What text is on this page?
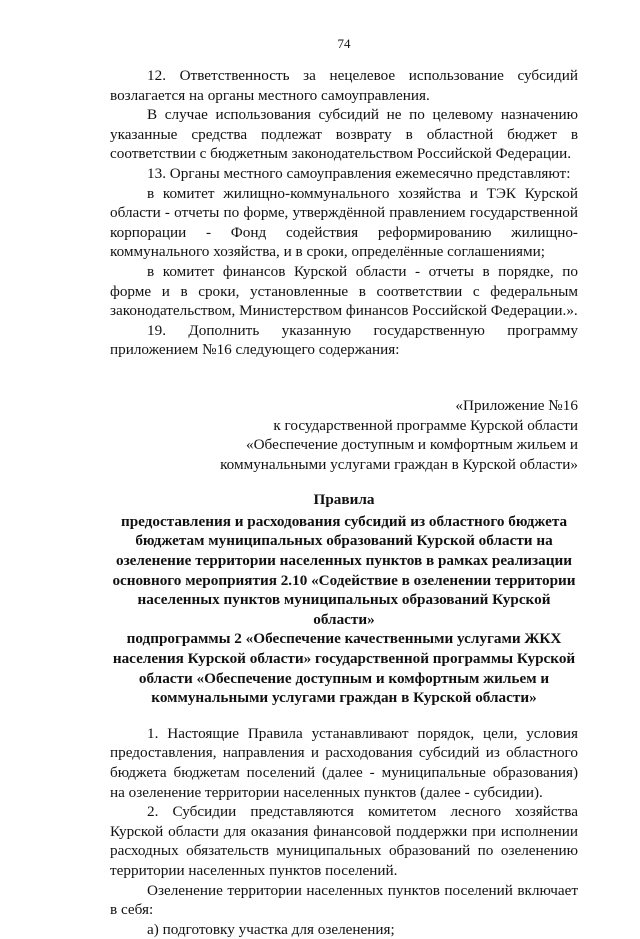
74

12. Ответственность за нецелевое использование субсидий возлагается на органы местного самоуправления.

В случае использования субсидий не по целевому назначению указанные средства подлежат возврату в областной бюджет в соответствии с бюджетным законодательством Российской Федерации.

13. Органы местного самоуправления ежемесячно представляют:

в комитет жилищно-коммунального хозяйства и ТЭК Курской области - отчеты по форме, утверждённой правлением государственной корпорации - Фонд содействия реформированию жилищно-коммунального хозяйства, и в сроки, определённые соглашениями;

в комитет финансов Курской области - отчеты в порядке, по форме и в сроки, установленные в соответствии с федеральным законодательством, Министерством финансов Российской Федерации.».

19. Дополнить указанную государственную программу приложением №16 следующего содержания:

«Приложение №16
к государственной программе Курской области
«Обеспечение доступным и комфортным жильем и
коммунальными услугами граждан в Курской области»
Правила
предоставления и расходования субсидий из областного бюджета
бюджетам муниципальных образований Курской области на
озеленение территории населенных пунктов в рамках реализации
основного мероприятия 2.10 «Содействие в озеленении территории
населенных пунктов муниципальных образований Курской области»
подпрограммы 2 «Обеспечение качественными услугами ЖКХ
населения Курской области» государственной программы Курской
области «Обеспечение доступным и комфортным жильем и
коммунальными услугами граждан в Курской области»

1. Настоящие Правила устанавливают порядок, цели, условия предоставления, направления и расходования субсидий из областного бюджета бюджетам поселений (далее - муниципальные образования) на озеленение территории населенных пунктов (далее - субсидии).

2. Субсидии представляются комитетом лесного хозяйства Курской области для оказания финансовой поддержки при исполнении расходных обязательств муниципальных образований по озеленению территории населенных пунктов поселений.

Озеленение территории населенных пунктов поселений включает в себя:

а) подготовку участка для озеленения;
